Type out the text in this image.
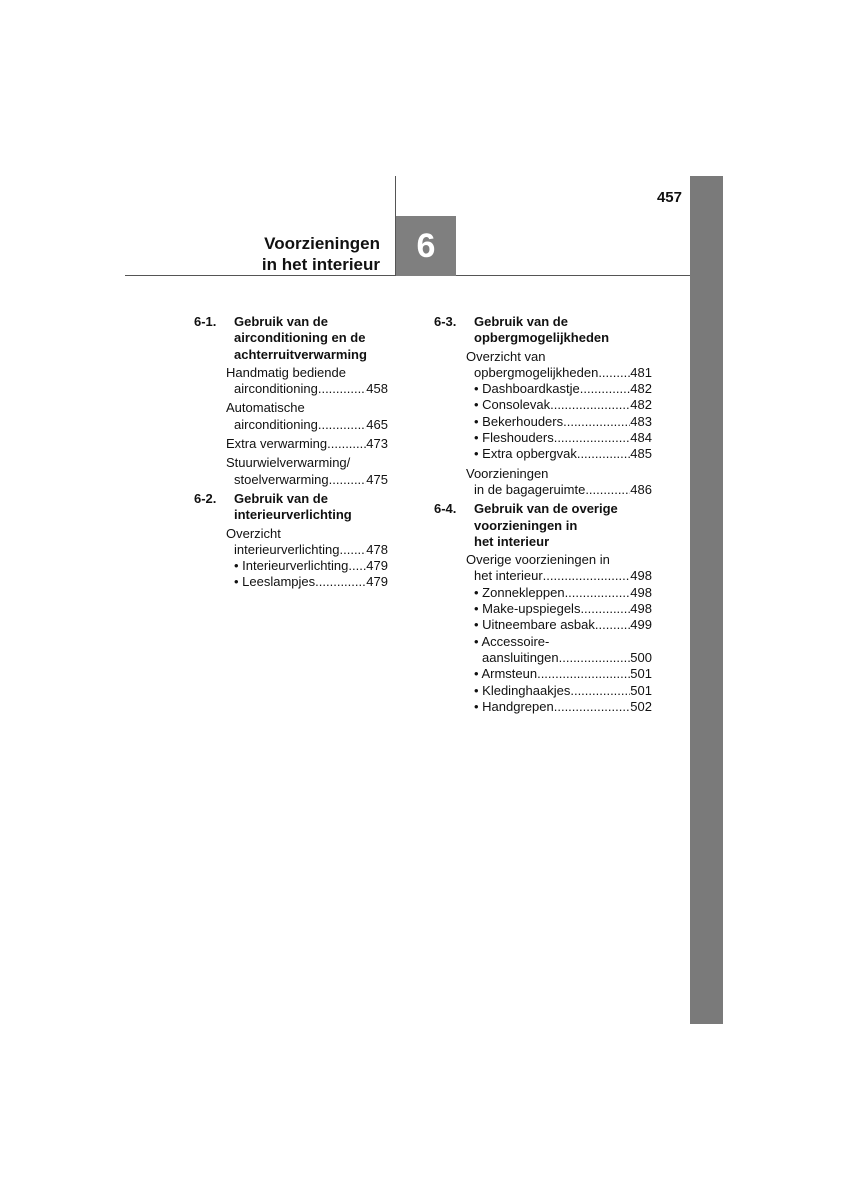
6
457
Voorzieningen
in het interieur
6-1. Gebruik van de
airconditioning en de
achterruitverwarming
Handmatig bediende
airconditioning .....	458
Automatische
airconditioning .....	465
Extra verwarming .....	473
Stuurwielverwarming/
stoelverwarming .....	475
6-2. Gebruik van de
interieurverlichting
Overzicht
interieurverlichting ..... 478
• Interieurverlichting ..... 479
• Leeslampjes .....	479
6-3. Gebruik van de
opbergmogelijkheden
Overzicht van
opbergmogelijkheden ..... 481
• Dashboardkastje .....	482
• Consolevak .....	482
• Bekerhouders .....	483
• Fleshouders .....	484
• Extra opbergvak .....	485
Voorzieningen
in de bagageruimte .....	486
6-4. Gebruik van de overige
voorzieningen in
het interieur
Overige voorzieningen in
het interieur .....	498
• Zonnekleppen .....	498
• Make-upspiegels .....	498
• Uitneembare asbak .....	499
• Accessoire-
aansluitingen .....	500
• Armsteun .....	501
• Kledinghaakjes .....	501
• Handgrepen .....	502
